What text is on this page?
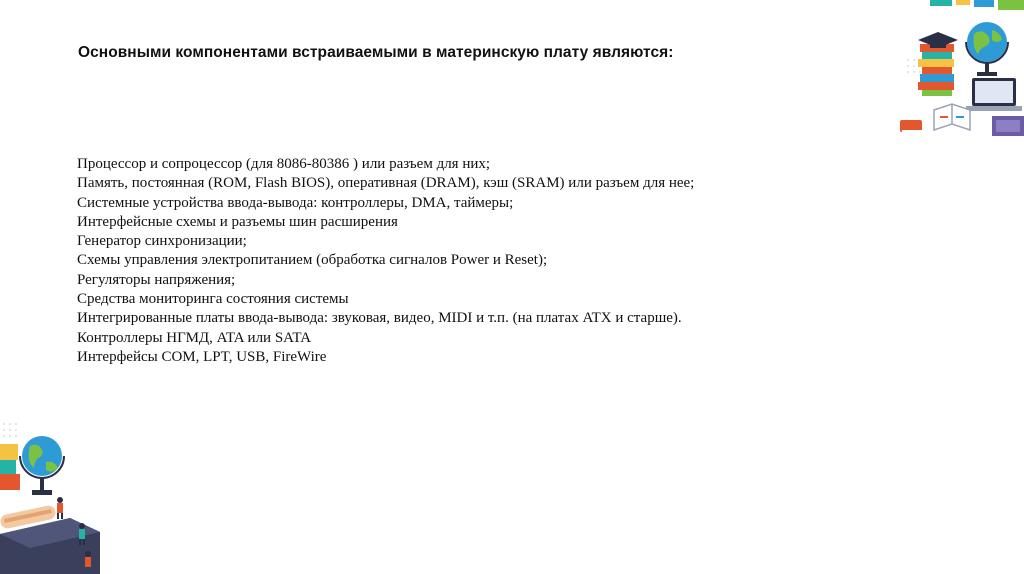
Основными компонентами встраиваемыми в материнскую плату являются:
Процессор и сопроцессор (для 8086-80386 ) или разъем для них;
Память, постоянная (ROM, Flash BIOS), оперативная (DRAM), кэш (SRAM) или разъем для нее;
Системные устройства ввода-вывода: контроллеры, DMA, таймеры;
Интерфейсные схемы и разъемы шин расширения
Генератор синхронизации;
Схемы управления электропитанием (обработка сигналов Power и Reset);
Регуляторы напряжения;
Средства мониторинга состояния системы
Интегрированные платы ввода-вывода: звуковая, видео, MIDI и т.п. (на платах ATX и старше).
Контроллеры НГМД, ATA или SATA
Интерфейсы COM, LPT, USB, FireWire
